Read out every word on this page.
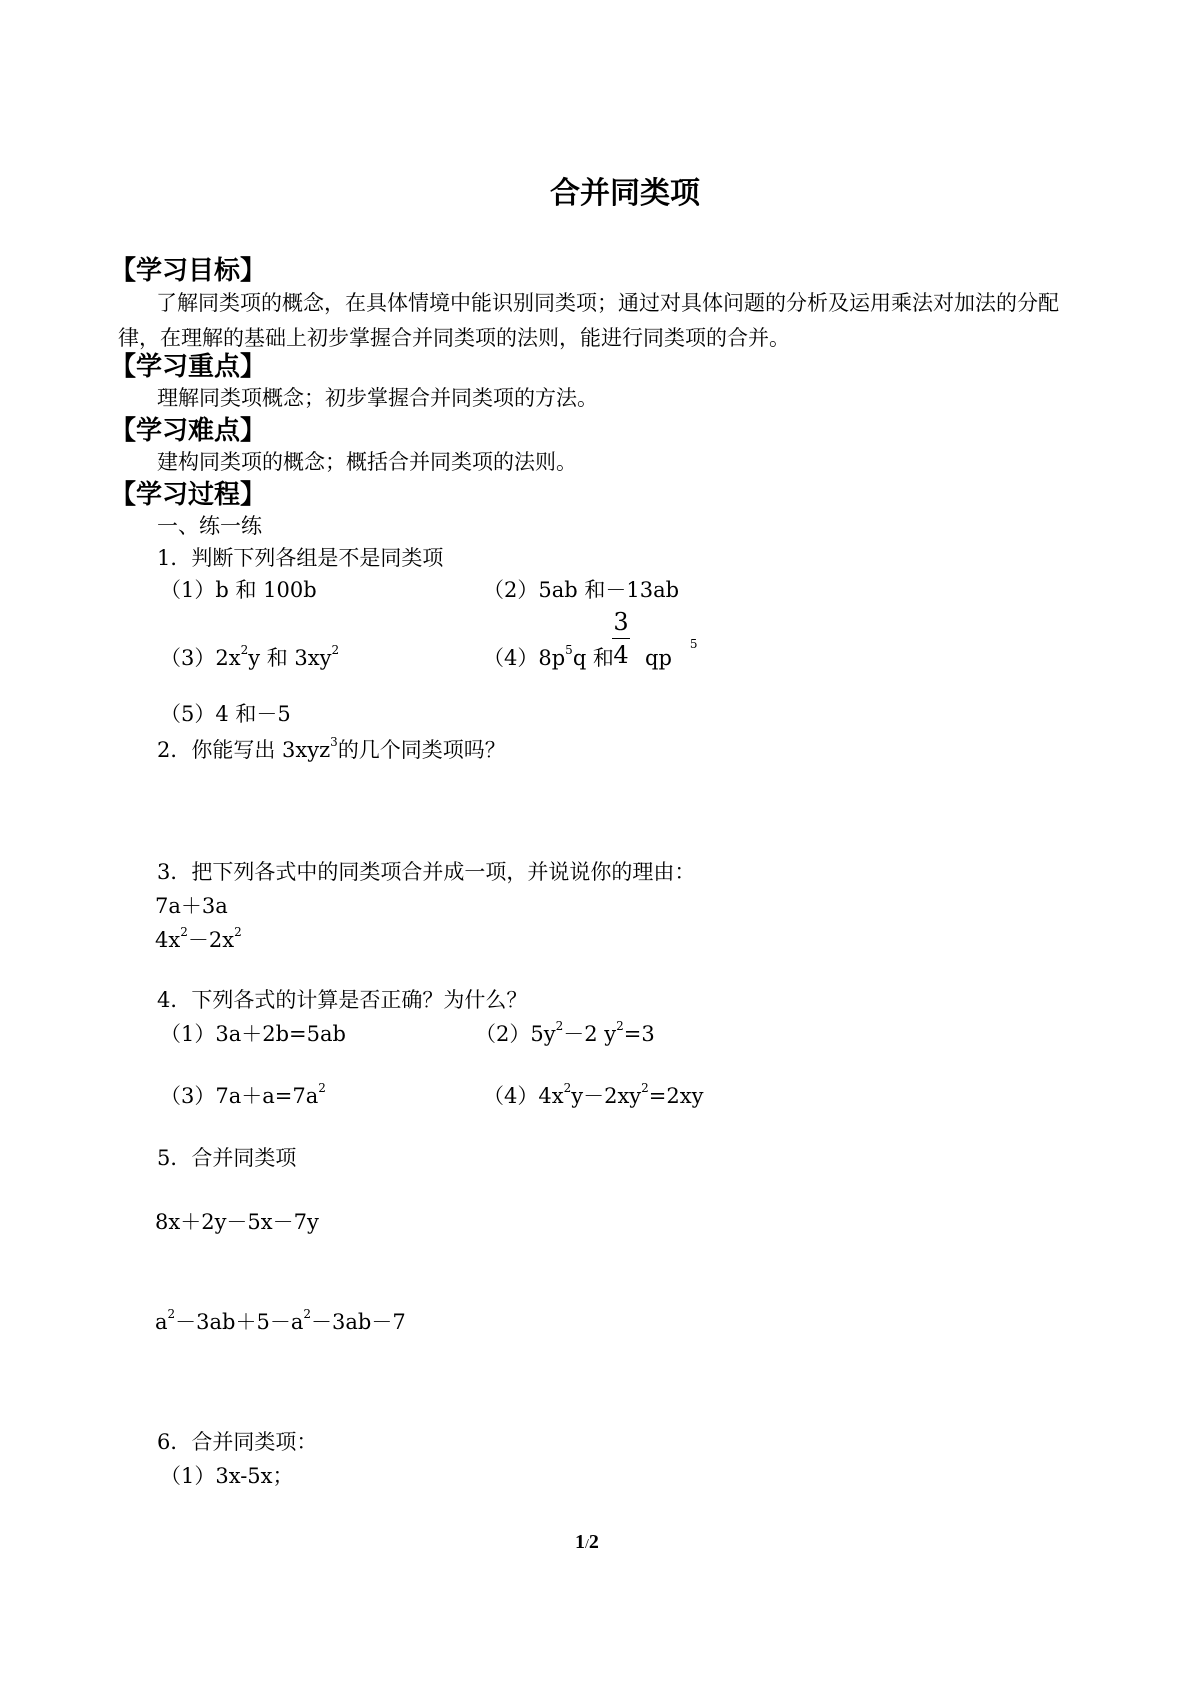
合并同类项
【学习目标】
了解同类项的概念，在具体情境中能识别同类项；通过对具体问题的分析及运用乘法对加法的分配律，在理解的基础上初步掌握合并同类项的法则，能进行同类项的合并。
【学习重点】
理解同类项概念；初步掌握合并同类项的方法。
【学习难点】
建构同类项的概念；概括合并同类项的法则。
【学习过程】
一、练一练
1．判断下列各组是不是同类项
（1）b 和 100b	（2）5ab 和－13ab
$(3)2x^2y$ 和 $3xy^2$	$(4)8p^5q$ 和
3
4 $qp^5$
（5）4 和－5
2．你能写出 3xyz$^3$的几个同类项吗？
3．把下列各式中的同类项合并成一项，并说说你的理由：
7a＋3a
$4x^2-2x^2$
4．下列各式的计算是否正确？为什么？
（1）3a＋2b=5ab	$(2)5y^2-2$ $y^2=3$
$(3)7a+a=7a^2$	$(4)4x^2y-2xy^2=2xy$
5．合并同类项
8x＋2y－5x－7y
$a^2-3ab+5-a^2-3ab-7$
6．合并同类项：
（1）3x-5x；
1/2
